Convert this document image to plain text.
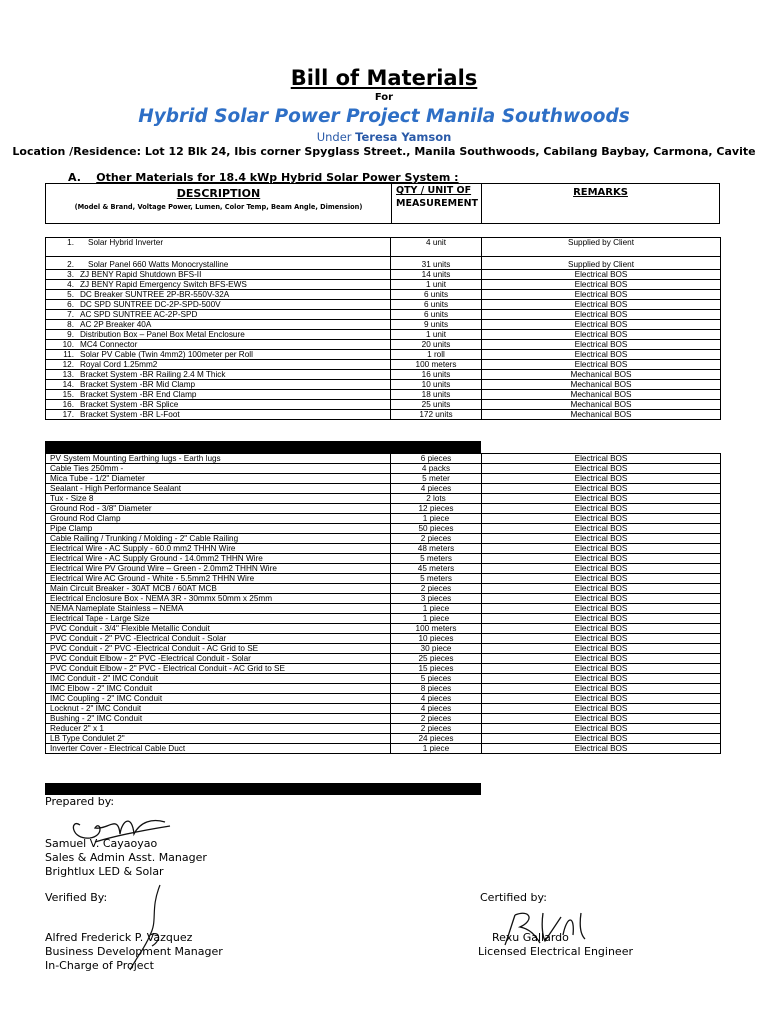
Bill of Materials
For
Hybrid Solar Power Project Manila Southwoods
Under Teresa Yamson
Location /Residence: Lot 12 Blk 24, Ibis corner Spyglass Street., Manila Southwoods, Cabilang Baybay, Carmona, Cavite
A. Other Materials for 18.4 kWp Hybrid Solar Power System :
DESCRIPTION
(Model & Brand, Voltage Power, Lumen, Color Temp, Beam Angle, Dimension)
QTY / UNIT OF
MEASUREMENT
REMARKS
1. Solar Hybrid Inverter	4 unit	Supplied by Client
2. Solar Panel 660 Watts Monocrystalline	31 units	Supplied by Client
3. ZJ BENY Rapid Shutdown BFS-II	14 units	Electrical BOS
4. ZJ BENY Rapid Emergency Switch BFS-EWS	1 unit	Electrical BOS
5. DC Breaker SUNTREE 2P-BR-550V-32A	6 units	Electrical BOS
6. DC SPD SUNTREE DC-2P-SPD-500V	6 units	Electrical BOS
7. AC SPD SUNTREE AC-2P-SPD	6 units	Electrical BOS
8. AC 2P Breaker 40A	9 units	Electrical BOS
9. Distribution Box – Panel Box Metal Enclosure	1 unit	Electrical BOS
10. MC4 Connector	20 units	Electrical BOS
11. Solar PV Cable (Twin 4mm2) 100meter per Roll	1 roll	Electrical BOS
12. Royal Cord 1.25mm2	100 meters	Electrical BOS
13. Bracket System -BR Railing 2.4 M Thick	16 units	Mechanical BOS
14. Bracket System -BR Mid Clamp	10 units	Mechanical BOS
15. Bracket System -BR End Clamp	18 units	Mechanical BOS
16. Bracket System -BR Splice	25 units	Mechanical BOS
17. Bracket System -BR L-Foot	172 units	Mechanical BOS
PV System Mounting Earthing lugs - Earth lugs	6 pieces	Electrical BOS
Cable Ties 250mm -	4 packs	Electrical BOS
Mica Tube - 1/2" Diameter	5 meter	Electrical BOS
Sealant - High Performance Sealant	4 pieces	Electrical BOS
Tux - Size 8	2 lots	Electrical BOS
Ground Rod - 3/8" Diameter	12 pieces	Electrical BOS
Ground Rod Clamp	1 piece	Electrical BOS
Pipe Clamp	50 pieces	Electrical BOS
Cable Railing / Trunking / Molding - 2" Cable Railing	2 pieces	Electrical BOS
Electrical Wire - AC Supply - 60.0 mm2 THHN Wire	48 meters	Electrical BOS
Electrical Wire - AC Supply Ground - 14.0mm2 THHN Wire	5 meters	Electrical BOS
Electrical Wire PV Ground Wire – Green - 2.0mm2 THHN Wire	45 meters	Electrical BOS
Electrical Wire AC Ground - White - 5.5mm2 THHN Wire	5 meters	Electrical BOS
Main Circuit Breaker - 30AT MCB / 60AT MCB	2 pieces	Electrical BOS
Electrical Enclosure Box - NEMA 3R - 30mmx 50mm x 25mm	3 pieces	Electrical BOS
NEMA Nameplate Stainless – NEMA	1 piece	Electrical BOS
Electrical Tape - Large Size	1 piece	Electrical BOS
PVC Conduit - 3/4" Flexible Metallic Conduit	100 meters	Electrical BOS
PVC Conduit - 2" PVC -Electrical Conduit - Solar	10 pieces	Electrical BOS
PVC Conduit - 2" PVC -Electrical Conduit - AC Grid to SE	30 piece	Electrical BOS
PVC Conduit Elbow - 2" PVC -Electrical Conduit - Solar	25 pieces	Electrical BOS
PVC Conduit Elbow - 2" PVC - Electrical Conduit - AC Grid to SE	15 pieces	Electrical BOS
IMC Conduit - 2" IMC Conduit	5 pieces	Electrical BOS
IMC Elbow - 2" IMC Conduit	8 pieces	Electrical BOS
IMC Coupling - 2" IMC Conduit	4 pieces	Electrical BOS
Locknut - 2" IMC Conduit	4 pieces	Electrical BOS
Bushing - 2" IMC Conduit	2 pieces	Electrical BOS
Reducer 2" x 1	2 pieces	Electrical BOS
LB Type Condulet 2"	24 pieces	Electrical BOS
Inverter Cover - Electrical Cable Duct	1 piece	Electrical BOS
Prepared by:
Samuel V. Cayaoyao
Sales & Admin Asst. Manager
Brightlux LED & Solar
Verified By:
Alfred Frederick P. Vazquez
Business Development Manager
In-Charge of Project
Certified by:
Rexu Gallardo
Licensed Electrical Engineer
